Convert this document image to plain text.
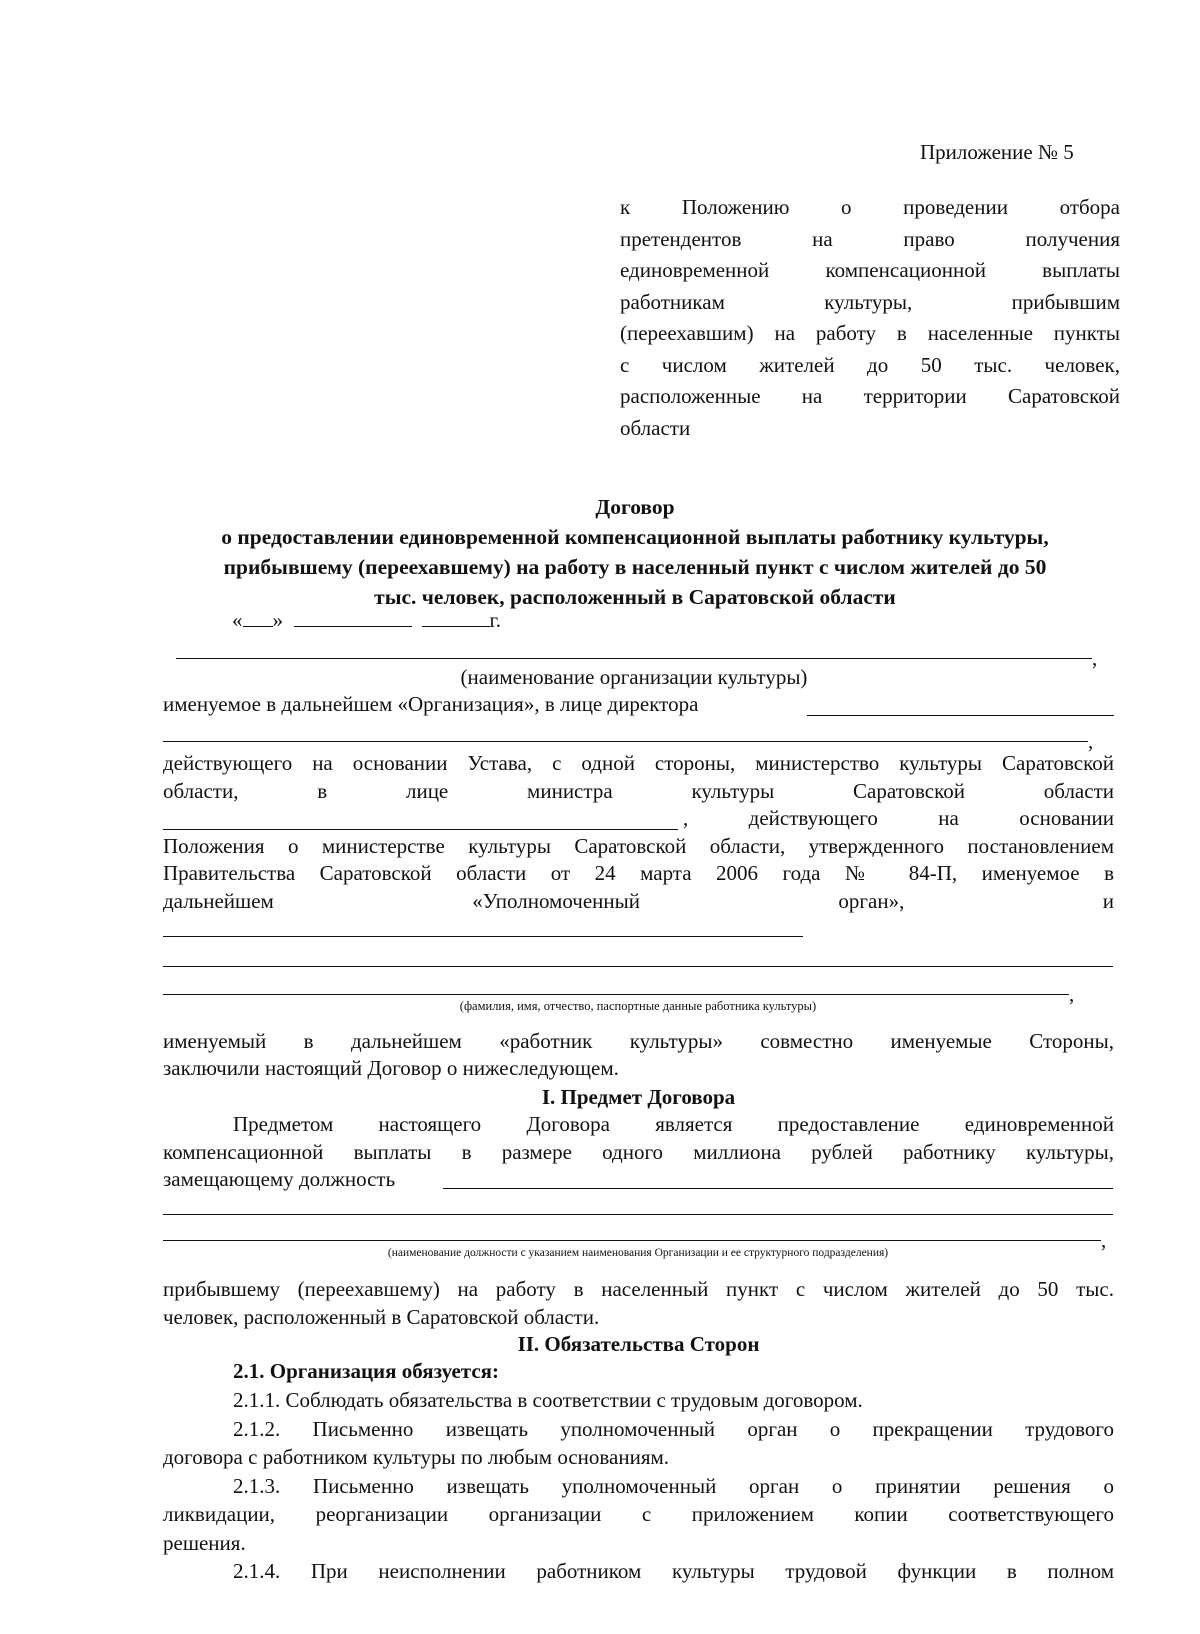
Приложение № 5
к Положению о проведении отбора
претендентов на право получения
единовременной компенсационной выплаты
работникам культуры, прибывшим
(переехавшим) на работу в населенные пункты
с числом жителей до 50 тыс. человек,
расположенные на территории Саратовской
области
Договор
о предоставлении единовременной компенсационной выплаты работнику культуры,
прибывшему (переехавшему) на работу в населенный пункт с числом жителей до 50
тыс. человек, расположенный в Саратовской области
« »	г.
,
(наименование организации культуры)
именуемое в дальнейшем «Организация», в лице директора
,
действующего на основании Устава, с одной стороны, министерство культуры Саратовской
области, в лице министра культуры Саратовской области
, действующего на основании
Положения о министерстве культуры Саратовской области, утвержденного постановлением
Правительства Саратовской области от 24 марта 2006 года № 84-П, именуемое в
дальнейшем «Уполномоченный орган», и
,
(фамилия, имя, отчество, паспортные данные работника культуры)
именуемый в дальнейшем «работник культуры» совместно именуемые Стороны,
заключили настоящий Договор о нижеследующем.
I. Предмет Договора
Предметом настоящего Договора является предоставление единовременной
компенсационной выплаты в размере одного миллиона рублей работнику культуры,
замещающему должность
,
(наименование должности с указанием наименования Организации и ее структурного подразделения)
прибывшему (переехавшему) на работу в населенный пункт с числом жителей до 50 тыс.
человек, расположенный в Саратовской области.
II. Обязательства Сторон
2.1. Организация обязуется:
2.1.1. Соблюдать обязательства в соответствии с трудовым договором.
2.1.2. Письменно извещать уполномоченный орган о прекращении трудового
договора с работником культуры по любым основаниям.
2.1.3. Письменно извещать уполномоченный орган о принятии решения о
ликвидации, реорганизации организации с приложением копии соответствующего
решения.
2.1.4. При неисполнении работником культуры трудовой функции в полном
